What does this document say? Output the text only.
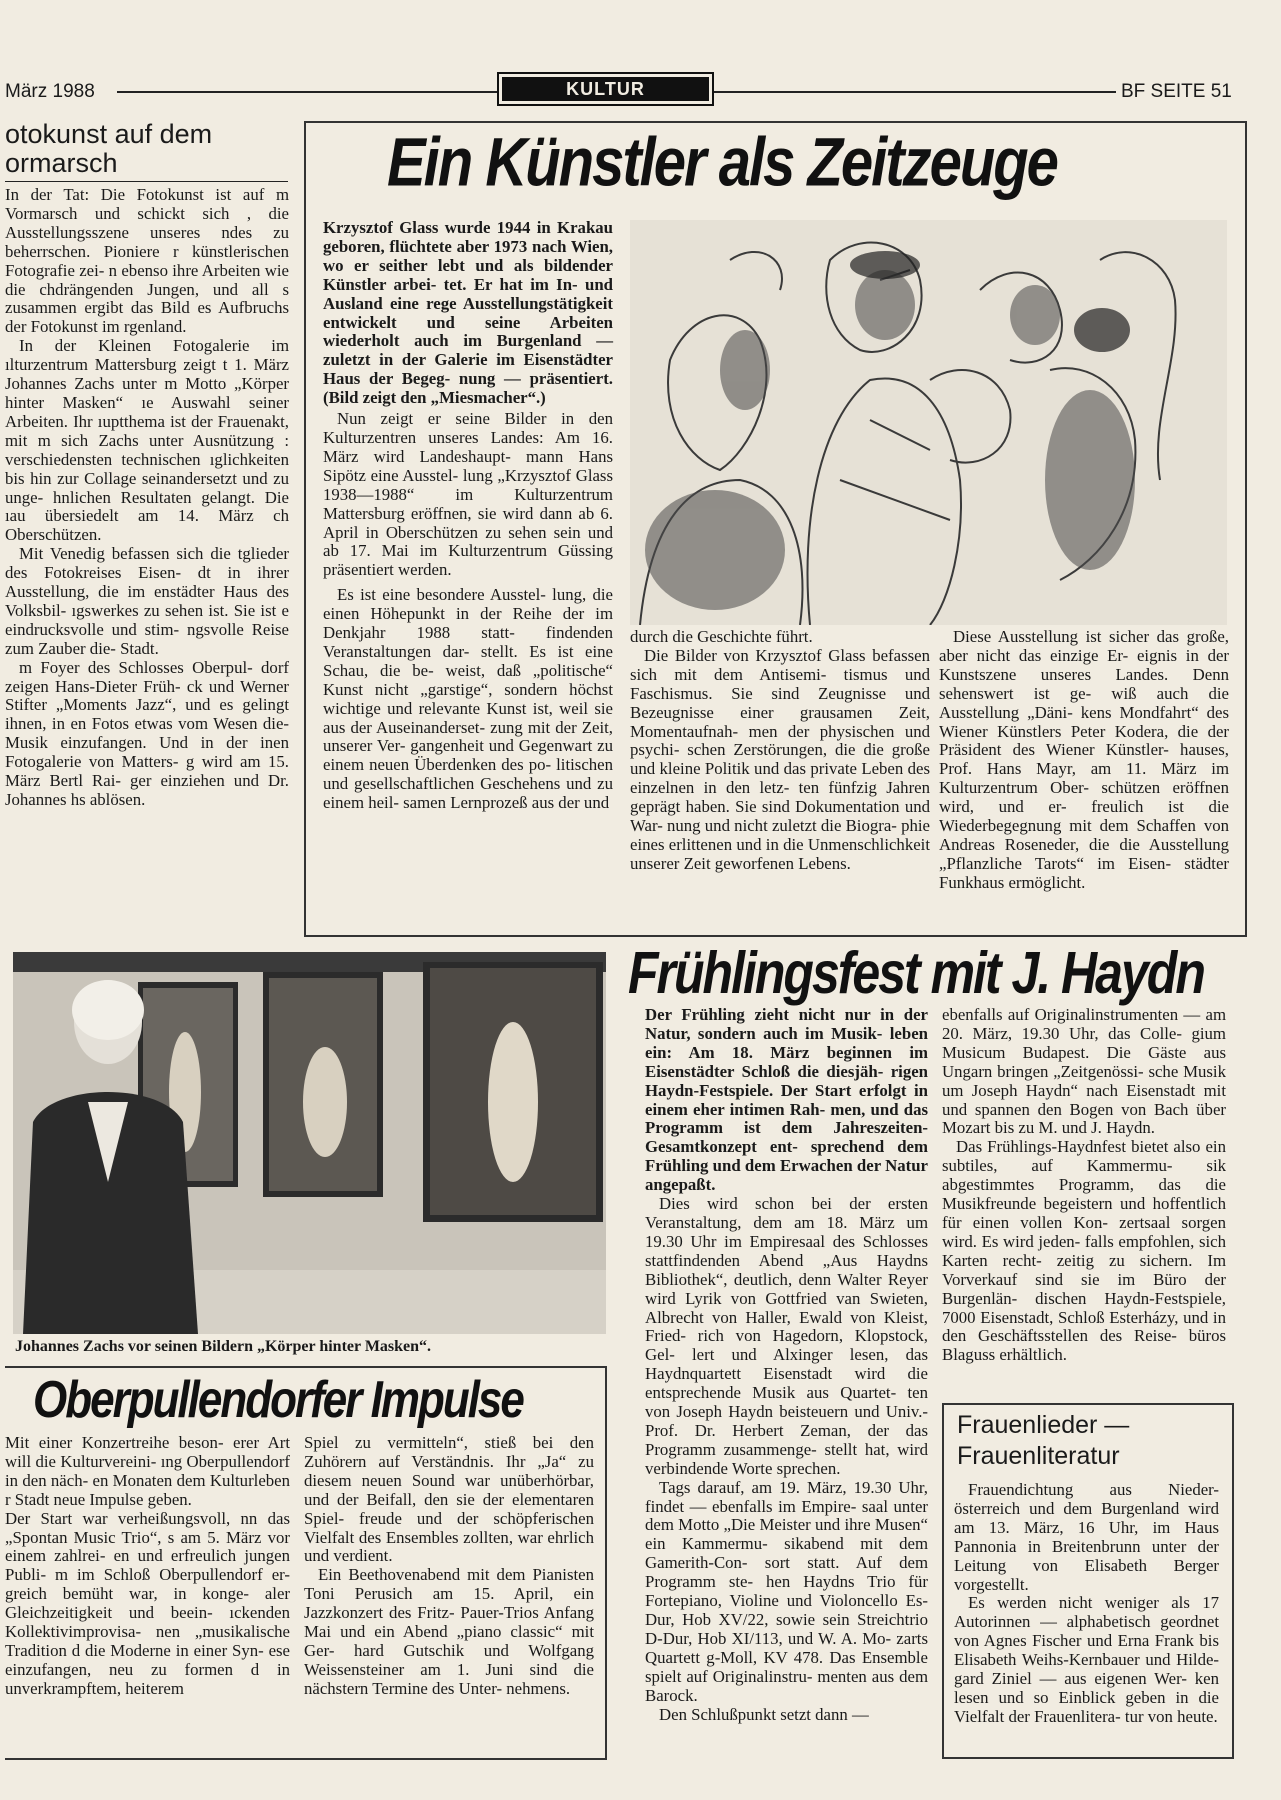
März 1988	KULTUR	BF SEITE 51
otokunst auf dem
ormarsch

In der Tat: Die Fotokunst ist auf m Vormarsch und schickt sich , die Ausstellungsszene unseres ndes zu beherrschen. Pioniere r künstlerischen Fotografie zei- n ebenso ihre Arbeiten wie die chdrängenden Jungen, und all s zusammen ergibt das Bild es Aufbruchs der Fotokunst im rgenland.

In der Kleinen Fotogalerie im ılturzentrum Mattersburg zeigt t 1. März Johannes Zachs unter m Motto „Körper hinter Masken“ ıe Auswahl seiner Arbeiten. Ihr ıuptthema ist der Frauenakt, mit m sich Zachs unter Ausnützung : verschiedensten technischen ıglichkeiten bis hin zur Collage seinandersetzt und zu unge- hnlichen Resultaten gelangt. Die ıau übersiedelt am 14. März ch Oberschützen.

Mit Venedig befassen sich die tglieder des Fotokreises Eisen- dt in ihrer Ausstellung, die im enstädter Haus des Volksbil- ıgswerkes zu sehen ist. Sie ist e eindrucksvolle und stim- ngsvolle Reise zum Zauber die- Stadt.

m Foyer des Schlosses Oberpul- dorf zeigen Hans-Dieter Früh- ck und Werner Stifter „Moments Jazz“, und es gelingt ihnen, in en Fotos etwas vom Wesen die- Musik einzufangen. Und in der inen Fotogalerie von Matters- g wird am 15. März Bertl Rai- ger einziehen und Dr. Johannes hs ablösen.

Ein Künstler als Zeitzeuge

Krzysztof Glass wurde 1944 in Krakau geboren, flüchtete aber 1973 nach Wien, wo er seither lebt und als bildender Künstler arbei- tet. Er hat im In- und Ausland eine rege Ausstellungstätigkeit entwickelt und seine Arbeiten wiederholt auch im Burgenland — zuletzt in der Galerie im Eisenstädter Haus der Begeg- nung — präsentiert. (Bild zeigt den „Miesmacher“.)

Nun zeigt er seine Bilder in den Kulturzentren unseres Landes: Am 16. März wird Landeshaupt- mann Hans Sipötz eine Ausstel- lung „Krzysztof Glass 1938—1988“ im Kulturzentrum Mattersburg eröffnen, sie wird dann ab 6. April in Oberschützen zu sehen sein und ab 17. Mai im Kulturzentrum Güssing präsentiert werden.

Es ist eine besondere Ausstel- lung, die einen Höhepunkt in der Reihe der im Denkjahr 1988 statt- findenden Veranstaltungen dar- stellt. Es ist eine Schau, die be- weist, daß „politische“ Kunst nicht „garstige“, sondern höchst wichtige und relevante Kunst ist, weil sie aus der Auseinanderset- zung mit der Zeit, unserer Ver- gangenheit und Gegenwart zu einem neuen Überdenken des po- litischen und gesellschaftlichen Geschehens und zu einem heil- samen Lernprozeß aus der und

durch die Geschichte führt.

Die Bilder von Krzysztof Glass befassen sich mit dem Antisemi- tismus und Faschismus. Sie sind Zeugnisse und Bezeugnisse einer grausamen Zeit, Momentaufnah- men der physischen und psychi- schen Zerstörungen, die die große und kleine Politik und das private Leben des einzelnen in den letz- ten fünfzig Jahren geprägt haben. Sie sind Dokumentation und War- nung und nicht zuletzt die Biogra- phie eines erlittenen und in die Unmenschlichkeit unserer Zeit geworfenen Lebens.

Diese Ausstellung ist sicher das große, aber nicht das einzige Er- eignis in der Kunstszene unseres Landes. Denn sehenswert ist ge- wiß auch die Ausstellung „Däni- kens Mondfahrt“ des Wiener Künstlers Peter Kodera, die der Präsident des Wiener Künstler- hauses, Prof. Hans Mayr, am 11. März im Kulturzentrum Ober- schützen eröffnen wird, und er- freulich ist die Wiederbegegnung mit dem Schaffen von Andreas Roseneder, die die Ausstellung „Pflanzliche Tarots“ im Eisen- städter Funkhaus ermöglicht.

Johannes Zachs vor seinen Bildern „Körper hinter Masken“.
Oberpullendorfer Impulse

Mit einer Konzertreihe beson- erer Art will die Kulturvereini- ıng Oberpullendorf in den näch- en Monaten dem Kulturleben r Stadt neue Impulse geben.

Der Start war verheißungsvoll, nn das „Spontan Music Trio“, s am 5. März vor einem zahlrei- en und erfreulich jungen Publi- m im Schloß Oberpullendorf er- greich bemüht war, in konge- aler Gleichzeitigkeit und beein- ıckenden Kollektivimprovisa- nen „musikalische Tradition d die Moderne in einer Syn- ese einzufangen, neu zu formen d in unverkrampftem, heiterem

Spiel zu vermitteln“, stieß bei den Zuhörern auf Verständnis. Ihr „Ja“ zu diesem neuen Sound war unüberhörbar, und der Beifall, den sie der elementaren Spiel- freude und der schöpferischen Vielfalt des Ensembles zollten, war ehrlich und verdient.

Ein Beethovenabend mit dem Pianisten Toni Perusich am 15. April, ein Jazzkonzert des Fritz- Pauer-Trios Anfang Mai und ein Abend „piano classic“ mit Ger- hard Gutschik und Wolfgang Weissensteiner am 1. Juni sind die nächstern Termine des Unter- nehmens.

Frühlingsfest mit J. Haydn

Der Frühling zieht nicht nur in der Natur, sondern auch im Musik- leben ein: Am 18. März beginnen im Eisenstädter Schloß die diesjäh- rigen Haydn-Festspiele. Der Start erfolgt in einem eher intimen Rah- men, und das Programm ist dem Jahreszeiten-Gesamtkonzept ent- sprechend dem Frühling und dem Erwachen der Natur angepaßt.

Dies wird schon bei der ersten Veranstaltung, dem am 18. März um 19.30 Uhr im Empiresaal des Schlosses stattfindenden Abend „Aus Haydns Bibliothek“, deutlich, denn Walter Reyer wird Lyrik von Gottfried van Swieten, Albrecht von Haller, Ewald von Kleist, Fried- rich von Hagedorn, Klopstock, Gel- lert und Alxinger lesen, das Haydnquartett Eisenstadt wird die entsprechende Musik aus Quartet- ten von Joseph Haydn beisteuern und Univ.-Prof. Dr. Herbert Zeman, der das Programm zusammenge- stellt hat, wird verbindende Worte sprechen.

Tags darauf, am 19. März, 19.30 Uhr, findet — ebenfalls im Empire- saal unter dem Motto „Die Meister und ihre Musen“ ein Kammermu- sikabend mit dem Gamerith-Con- sort statt. Auf dem Programm ste- hen Haydns Trio für Fortepiano, Violine und Violoncello Es-Dur, Hob XV/22, sowie sein Streichtrio D-Dur, Hob XI/113, und W. A. Mo- zarts Quartett g-Moll, KV 478. Das Ensemble spielt auf Originalinstru- menten aus dem Barock.

Den Schlußpunkt setzt dann —

ebenfalls auf Originalinstrumenten — am 20. März, 19.30 Uhr, das Colle- gium Musicum Budapest. Die Gäste aus Ungarn bringen „Zeitgenössi- sche Musik um Joseph Haydn“ nach Eisenstadt mit und spannen den Bogen von Bach über Mozart bis zu M. und J. Haydn.

Das Frühlings-Haydnfest bietet also ein subtiles, auf Kammermu- sik abgestimmtes Programm, das die Musikfreunde begeistern und hoffentlich für einen vollen Kon- zertsaal sorgen wird. Es wird jeden- falls empfohlen, sich Karten recht- zeitig zu sichern. Im Vorverkauf sind sie im Büro der Burgenlän- dischen Haydn-Festspiele, 7000 Eisenstadt, Schloß Esterházy, und in den Geschäftsstellen des Reise- büros Blaguss erhältlich.

Frauenlieder —
Frauenliteratur

Frauendichtung aus Nieder- österreich und dem Burgenland wird am 13. März, 16 Uhr, im Haus Pannonia in Breitenbrunn unter der Leitung von Elisabeth Berger vorgestellt.

Es werden nicht weniger als 17 Autorinnen — alphabetisch geordnet von Agnes Fischer und Erna Frank bis Elisabeth Weihs-Kernbauer und Hilde- gard Ziniel — aus eigenen Wer- ken lesen und so Einblick geben in die Vielfalt der Frauenlitera- tur von heute.
